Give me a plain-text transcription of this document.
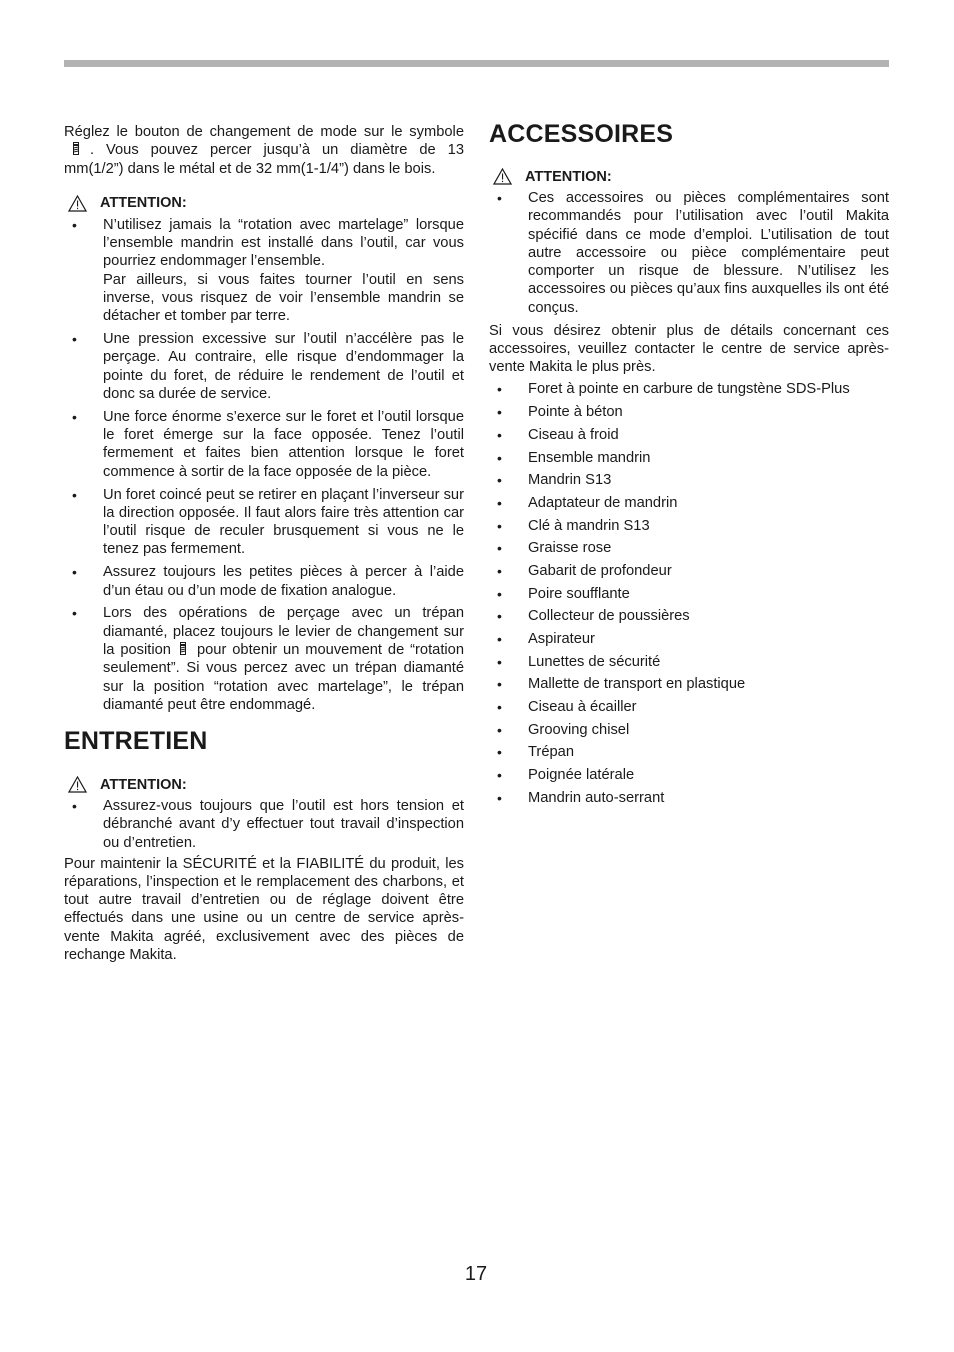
Réglez le bouton de changement de mode sur le symbole. Vous pouvez percer jusqu’à un diamètre de 13 mm(1/2”) dans le métal et de 32 mm(1-1/4”) dans le bois.

ATTENTION:
• N’utilisez jamais la “rotation avec martelage” lorsque l’ensemble mandrin est installé dans l’outil, car vous pourriez endommager l’ensemble.
Par ailleurs, si vous faites tourner l’outil en sens inverse, vous risquez de voir l’ensemble mandrin se détacher et tomber par terre.
• Une pression excessive sur l’outil n’accélère pas le perçage. Au contraire, elle risque d’endommager la pointe du foret, de réduire le rendement de l’outil et donc sa durée de service.
• Une force énorme s’exerce sur le foret et l’outil lorsque le foret émerge sur la face opposée. Tenez l’outil fermement et faites bien attention lorsque le foret commence à sortir de la face opposée de la pièce.
• Un foret coincé peut se retirer en plaçant l’inverseur sur la direction opposée. Il faut alors faire très attention car l’outil risque de reculer brusquement si vous ne le tenez pas fermement.
• Assurez toujours les petites pièces à percer à l’aide d’un étau ou d’un mode de fixation analogue.
• Lors des opérations de perçage avec un trépan diamanté, placez toujours le levier de changement sur la position pour obtenir un mouvement de “rotation seulement”. Si vous percez avec un trépan diamanté sur la position “rotation avec martelage”, le trépan diamanté peut être endommagé.
ENTRETIEN
ATTENTION:
• Assurez-vous toujours que l’outil est hors tension et débranché avant d’y effectuer tout travail d’inspection ou d’entretien.

Pour maintenir la SÉCURITÉ et la FIABILITÉ du produit, les réparations, l’inspection et le remplacement des charbons, et tout autre travail d’entretien ou de réglage doivent être effectués dans une usine ou un centre de service après-vente Makita agréé, exclusivement avec des pièces de rechange Makita.

ACCESSOIRES
ATTENTION:
• Ces accessoires ou pièces complémentaires sont recommandés pour l’utilisation avec l’outil Makita spécifié dans ce mode d’emploi. L’utilisation de tout autre accessoire ou pièce complémentaire peut comporter un risque de blessure. N’utilisez les accessoires ou pièces qu’aux fins auxquelles ils ont été conçus.

Si vous désirez obtenir plus de détails concernant ces accessoires, veuillez contacter le centre de service après-vente Makita le plus près.

• Foret à pointe en carbure de tungstène SDS-Plus
• Pointe à béton
• Ciseau à froid
• Ensemble mandrin
• Mandrin S13
• Adaptateur de mandrin
• Clé à mandrin S13
• Graisse rose
• Gabarit de profondeur
• Poire soufflante
• Collecteur de poussières
• Aspirateur
• Lunettes de sécurité
• Mallette de transport en plastique
• Ciseau à écailler
• Grooving chisel
• Trépan
• Poignée latérale
• Mandrin auto-serrant
17
